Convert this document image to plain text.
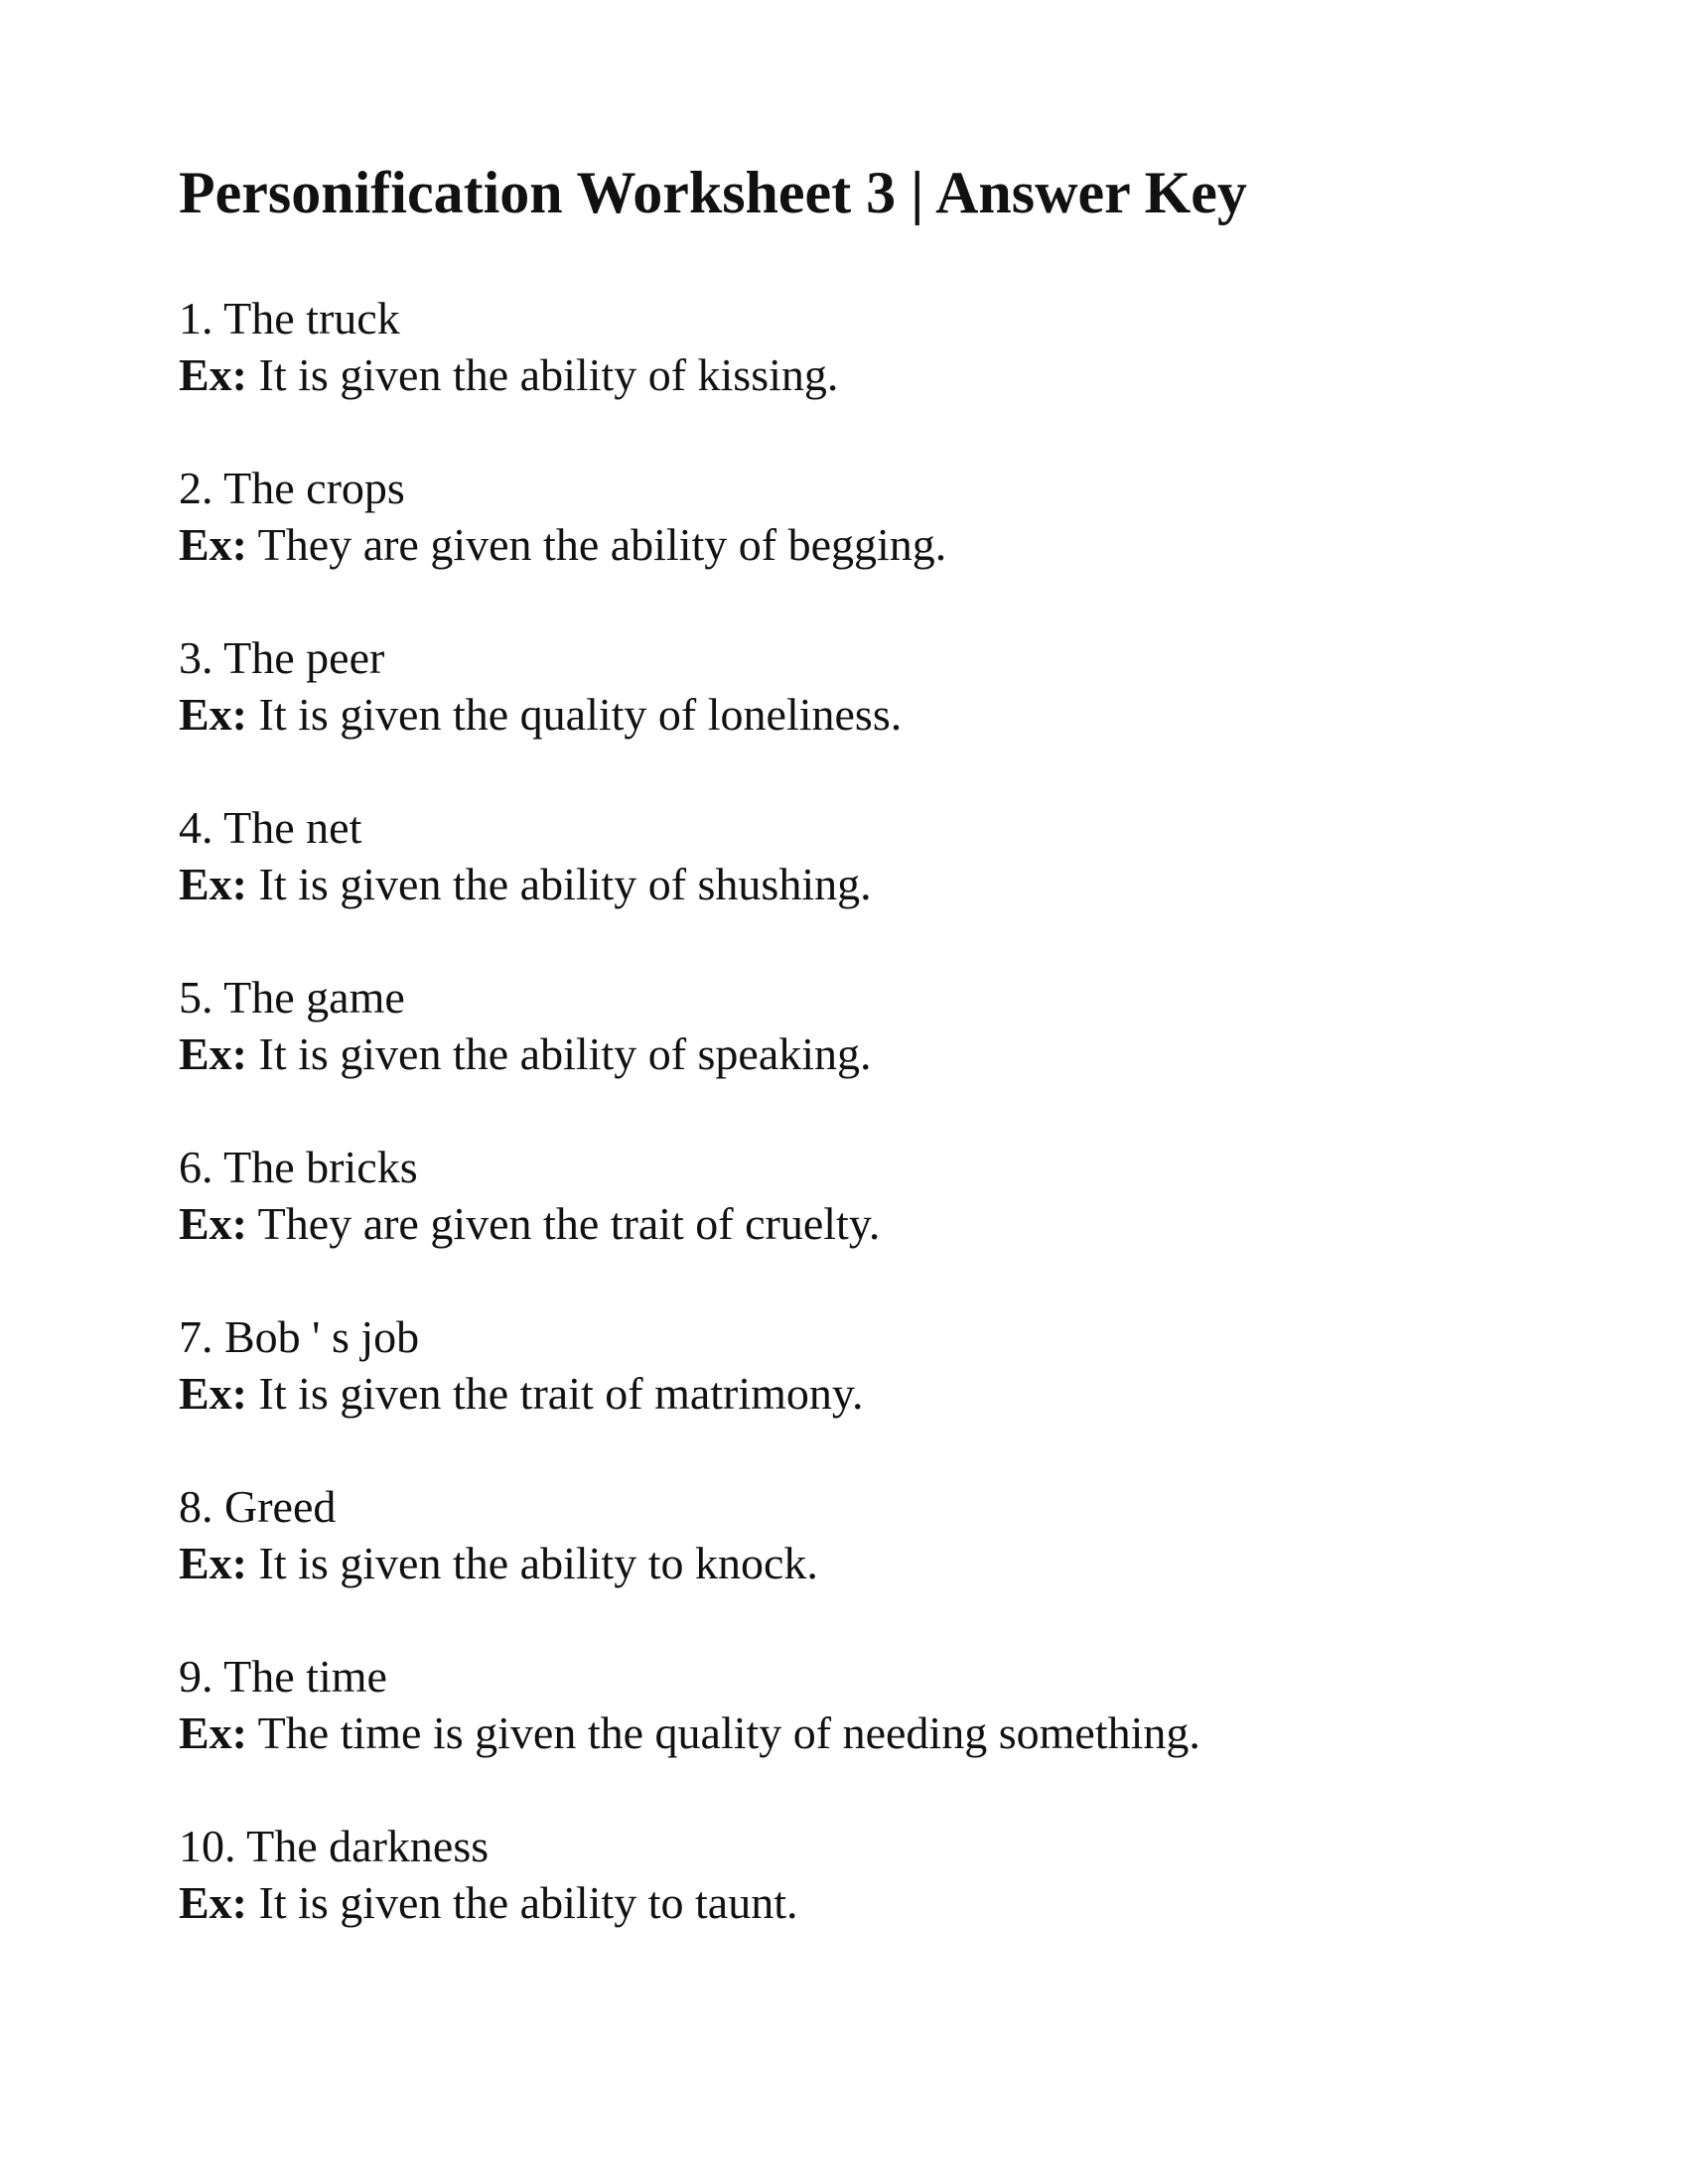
Personification Worksheet 3 | Answer Key
1. The truck
Ex: It is given the ability of kissing.
2. The crops
Ex: They are given the ability of begging.
3. The peer
Ex: It is given the quality of loneliness.
4. The net
Ex: It is given the ability of shushing.
5. The game
Ex: It is given the ability of speaking.
6. The bricks
Ex: They are given the trait of cruelty.
7. Bob ' s job
Ex: It is given the trait of matrimony.
8. Greed
Ex: It is given the ability to knock.
9. The time
Ex: The time is given the quality of needing something.
10. The darkness
Ex: It is given the ability to taunt.
